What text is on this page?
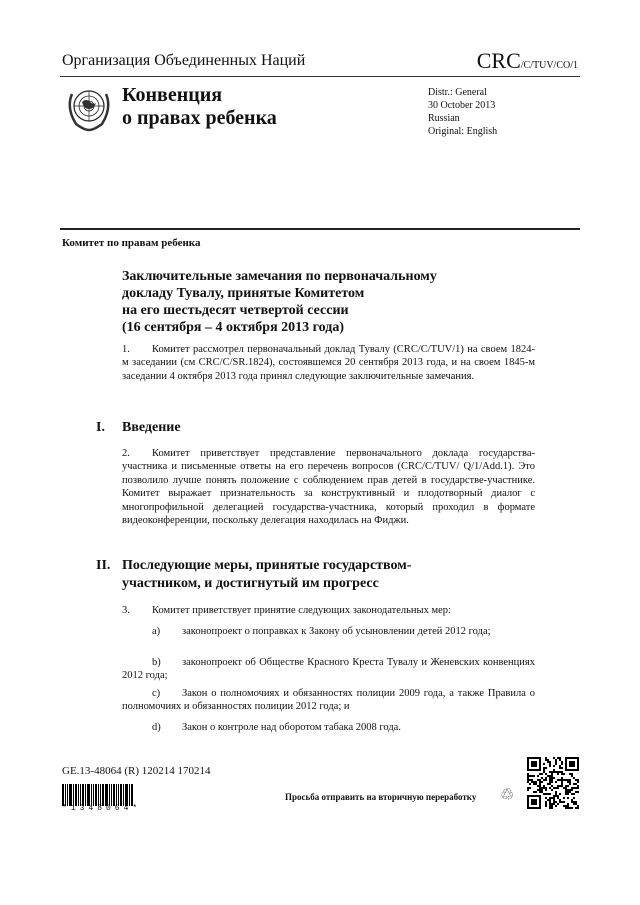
Организация Объединенных Наций	CRC/C/TUV/CO/1
Конвенция
о правах ребенка
Distr.: General
30 October 2013
Russian
Original: English
Комитет по правам ребенка
Заключительные замечания по первоначальному
докладу Тувалу, принятые Комитетом
на его шестьдесят четвертой сессии
(16 сентября – 4 октября 2013 года)
1. Комитет рассмотрел первоначальный доклад Тувалу (CRC/C/TUV/1) на своем 1824-м заседании (см CRC/C/SR.1824), состоявшемся 20 сентября 2013 года, и на своем 1845-м заседании 4 октября 2013 года принял следующие заключительные замечания.
I. Введение
2. Комитет приветствует представление первоначального доклада государства-участника и письменные ответы на его перечень вопросов (CRC/C/TUV/ Q/1/Add.1). Это позволило лучше понять положение с соблюдением прав детей в государстве-участнике. Комитет выражает признательность за конструктивный и плодотворный диалог с многопрофильной делегацией государства-участника, который проходил в формате видеоконференции, поскольку делегация находилась на Фиджи.
II. Последующие меры, принятые государством-
участником, и достигнутый им прогресс
3. Комитет приветствует принятие следующих законодательных мер:
a) законопроект о поправках к Закону об усыновлении детей 2012 года;
b) законопроект об Обществе Красного Креста Тувалу и Женевских конвенциях 2012 года;
c) Закон о полномочиях и обязанностях полиции 2009 года, а также Правила о полномочиях и обязанностях полиции 2012 года; и
d) Закон о контроле над оборотом табака 2008 года.
GE.13-48064 (R) 120214 170214
*1348064*
Просьба отправить на вторичную переработку ♲
